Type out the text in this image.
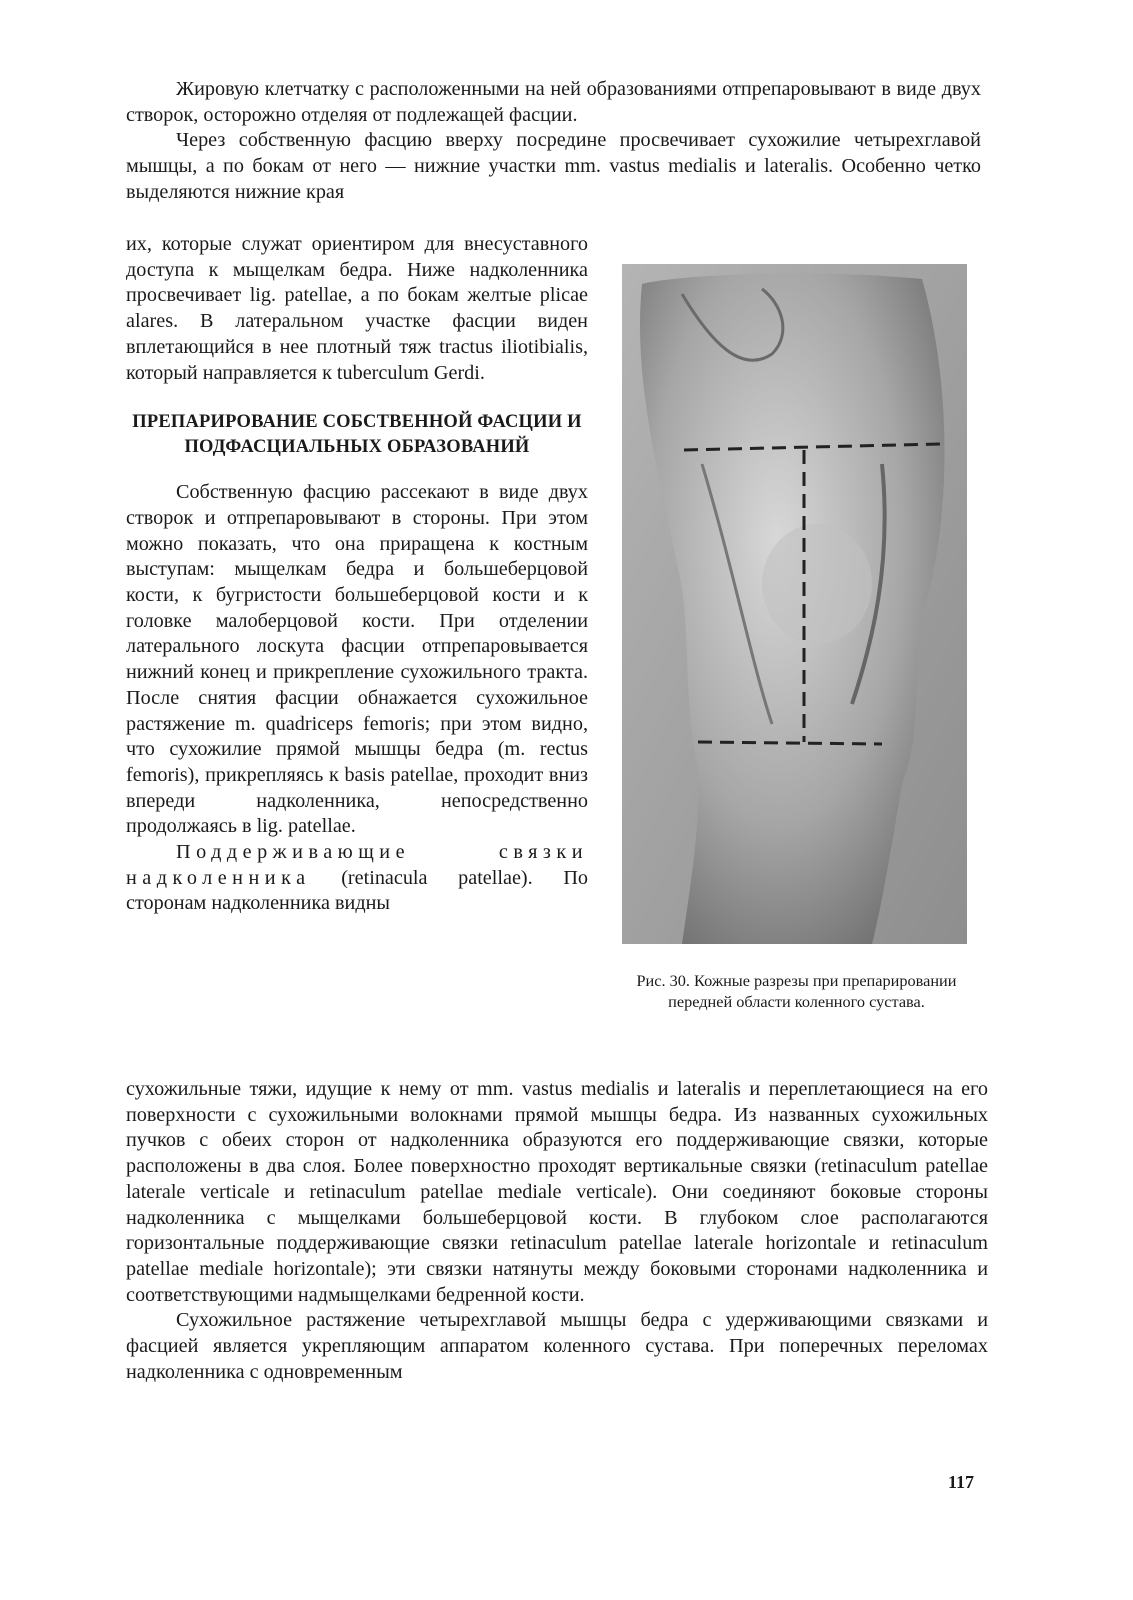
Жировую клетчатку с расположенными на ней образованиями отпрепаровывают в виде двух створок, осторожно отделяя от подлежащей фасции.

Через собственную фасцию вверху посредине просвечивает сухожилие четырехглавой мышцы, а по бокам от него — нижние участки mm. vastus medialis и lateralis. Особенно четко выделяются нижние края

их, которые служат ориентиром для внесуставного доступа к мыщелкам бедра. Ниже надколенника просвечивает lig. patellae, а по бокам желтые plicae alares. В латеральном участке фасции виден вплетающийся в нее плотный тяж tractus iliotibialis, который направляется к tuberculum Gerdi.

ПРЕПАРИРОВАНИЕ СОБСТВЕННОЙ ФАСЦИИ И ПОДФАСЦИАЛЬНЫХ ОБРАЗОВАНИЙ

Собственную фасцию рассекают в виде двух створок и отпрепаровывают в стороны. При этом можно показать, что она приращена к костным выступам: мыщелкам бедра и большеберцовой кости, к бугристости большеберцовой кости и к головке малоберцовой кости. При отделении латерального лоскута фасции отпрепаровывается нижний конец и прикрепление сухожильного тракта. После снятия фасции обнажается сухожильное растяжение m. quadriceps femoris; при этом видно, что сухожилие прямой мышцы бедра (m. rectus femoris), прикрепляясь к basis patellae, проходит вниз впереди надколенника, непосредственно продолжаясь в lig. patellae.

Поддерживающие связки надколенника (retinacula patellae). По сторонам надколенника видны

Рис. 30. Кожные разрезы при препарировании передней области коленного сустава.

сухожильные тяжи, идущие к нему от mm. vastus medialis и lateralis и переплетающиеся на его поверхности с сухожильными волокнами прямой мышцы бедра. Из названных сухожильных пучков с обеих сторон от надколенника образуются его поддерживающие связки, которые расположены в два слоя. Более поверхностно проходят вертикальные связки (retinaculum patellae laterale verticale и retinaculum patellae mediale verticale). Они соединяют боковые стороны надколенника с мыщелками большеберцовой кости. В глубоком слое располагаются горизонтальные поддерживающие связки retinaculum patellae laterale horizontale и retinaculum patellae mediale horizontale); эти связки натянуты между боковыми сторонами надколенника и соответствующими надмыщелками бедренной кости.

Сухожильное растяжение четырехглавой мышцы бедра с удерживающими связками и фасцией является укрепляющим аппаратом коленного сустава. При поперечных переломах надколенника с одновременным

117
